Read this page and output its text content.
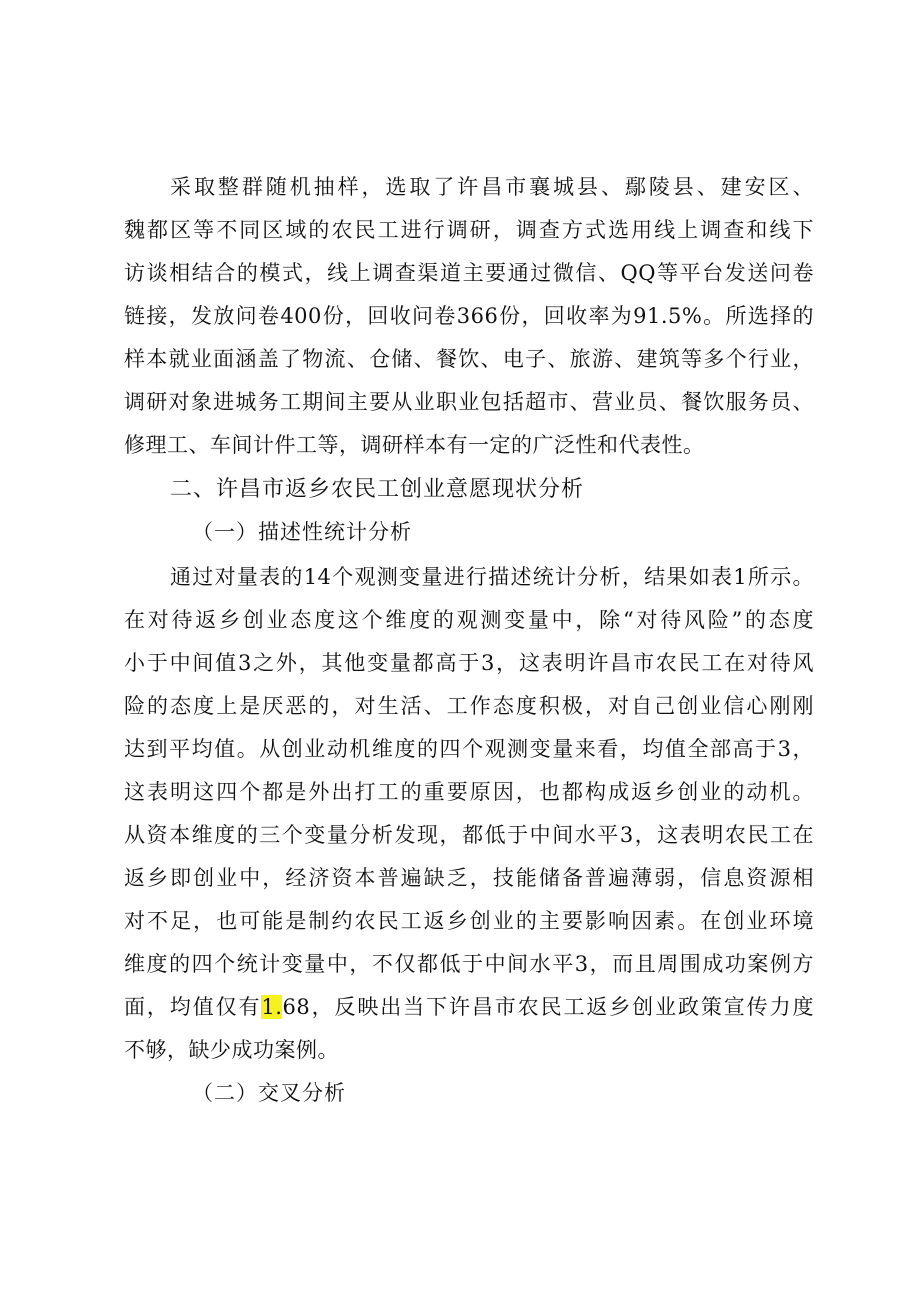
采取整群随机抽样，选取了许昌市襄城县、鄢陵县、建安区、
魏都区等不同区域的农民工进行调研，调查方式选用线上调查和线下
访谈相结合的模式，线上调查渠道主要通过微信、QQ等平台发送问卷
链接，发放问卷400份，回收问卷366份，回收率为91.5%。所选择的
样本就业面涵盖了物流、仓储、餐饮、电子、旅游、建筑等多个行业，
调研对象进城务工期间主要从业职业包括超市、营业员、餐饮服务员、
修理工、车间计件工等，调研样本有一定的广泛性和代表性。
二、许昌市返乡农民工创业意愿现状分析
（一）描述性统计分析
通过对量表的14个观测变量进行描述统计分析，结果如表1所示。
在对待返乡创业态度这个维度的观测变量中，除“对待风险”的态度
小于中间值3之外，其他变量都高于3，这表明许昌市农民工在对待风
险的态度上是厌恶的，对生活、工作态度积极，对自己创业信心刚刚
达到平均值。从创业动机维度的四个观测变量来看，均值全部高于3，
这表明这四个都是外出打工的重要原因，也都构成返乡创业的动机。
从资本维度的三个变量分析发现，都低于中间水平3，这表明农民工在
返乡即创业中，经济资本普遍缺乏，技能储备普遍薄弱，信息资源相
对不足，也可能是制约农民工返乡创业的主要影响因素。在创业环境
维度的四个统计变量中，不仅都低于中间水平3，而且周围成功案例方
面，均值仅有1.68，反映出当下许昌市农民工返乡创业政策宣传力度
不够，缺少成功案例。
（二）交叉分析
